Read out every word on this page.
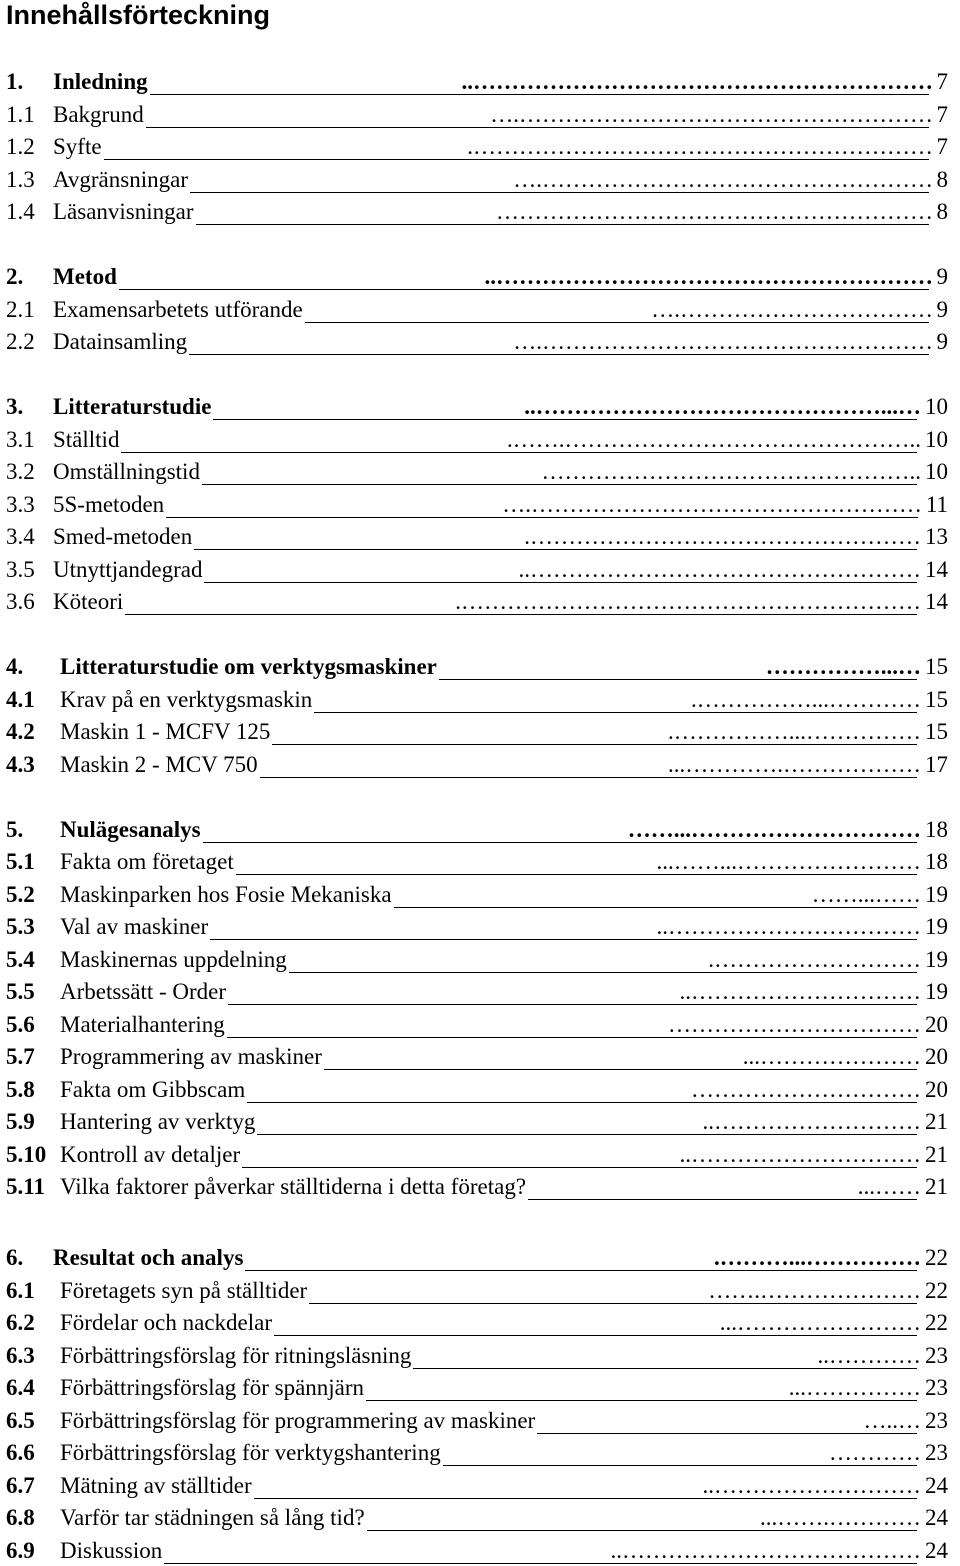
Innehållsförteckning
1. Inledning	…………………………………………………….. 7
1.1 Bakgrund	……………………………………………….… 7
1.2 Syfte	……………………………………………………. 7
1.3 Avgränsningar	…………………………………………….… 8
1.4 Läsanvisningar	………………………………………………… 8
2. Metod	………………………………………………….. 9
2.1 Examensarbetets utförande	…………………………….… 9
2.2 Datainsamling	…………………………………………….… 9
3. Litteraturstudie	…...……………………………………….. 10
3.1 Ställtid	..……………………………………….……. 10
3.2 Omställningstid	..………………………………………… 10
3.3 5S-metoden	…………………………………………….… 11
3.4 Smed-metoden	……………………………………………. 13
3.5 Utnyttjandegrad	…………………………………………….. 14
3.6 Köteori	……………………………………………………. 14
4. Litteraturstudie om verktygsmaskiner	…...…………… 15
4.1 Krav på en verktygsmaskin	…………...……………. 15
4.2 Maskin 1 - MCFV 125	……………...……………. 15
4.3 Maskin 2 - MCV 750	……………….…………... 17
5. Nulägesanalys	…………………………...…… 18
5.1 Fakta om företaget	……………………...……... 18
5.2 Maskinparken hos Fosie Mekaniska	……...…… 19
5.3 Val av maskiner	…………………………….. 19
5.4 Maskinernas uppdelning	………………………. 19
5.5 Arbetssätt - Order	………………………….. 19
5.6 Materialhantering	…………………………… 20
5.7 Programmering av maskiner	…………………... 20
5.8 Fakta om Gibbscam	………………………… 20
5.9 Hantering av verktyg	……………………….. 21
5.10 Kontroll av detaljer	………………………….. 21
5.11 Vilka faktorer påverkar ställtiderna i detta företag?	……... 21
6. Resultat och analys	……………...………. 22
6.1 Företagets syn på ställtider	………………….…… 22
6.2 Fördelar och nackdelar	……………………... 22
6.3 Förbättringsförslag för ritningsläsning	………….. 23
6.4 Förbättringsförslag för spännjärn	……………... 23
6.5 Förbättringsförslag för programmering av maskiner	…..… 23
6.6 Förbättringsförslag för verktygshantering	………… 23
6.7 Mätning av ställtider	……………………….. 24
6.8 Varför tar städningen så lång tid?	………….……... 24
6.9 Diskussion	………………………………….. 24
